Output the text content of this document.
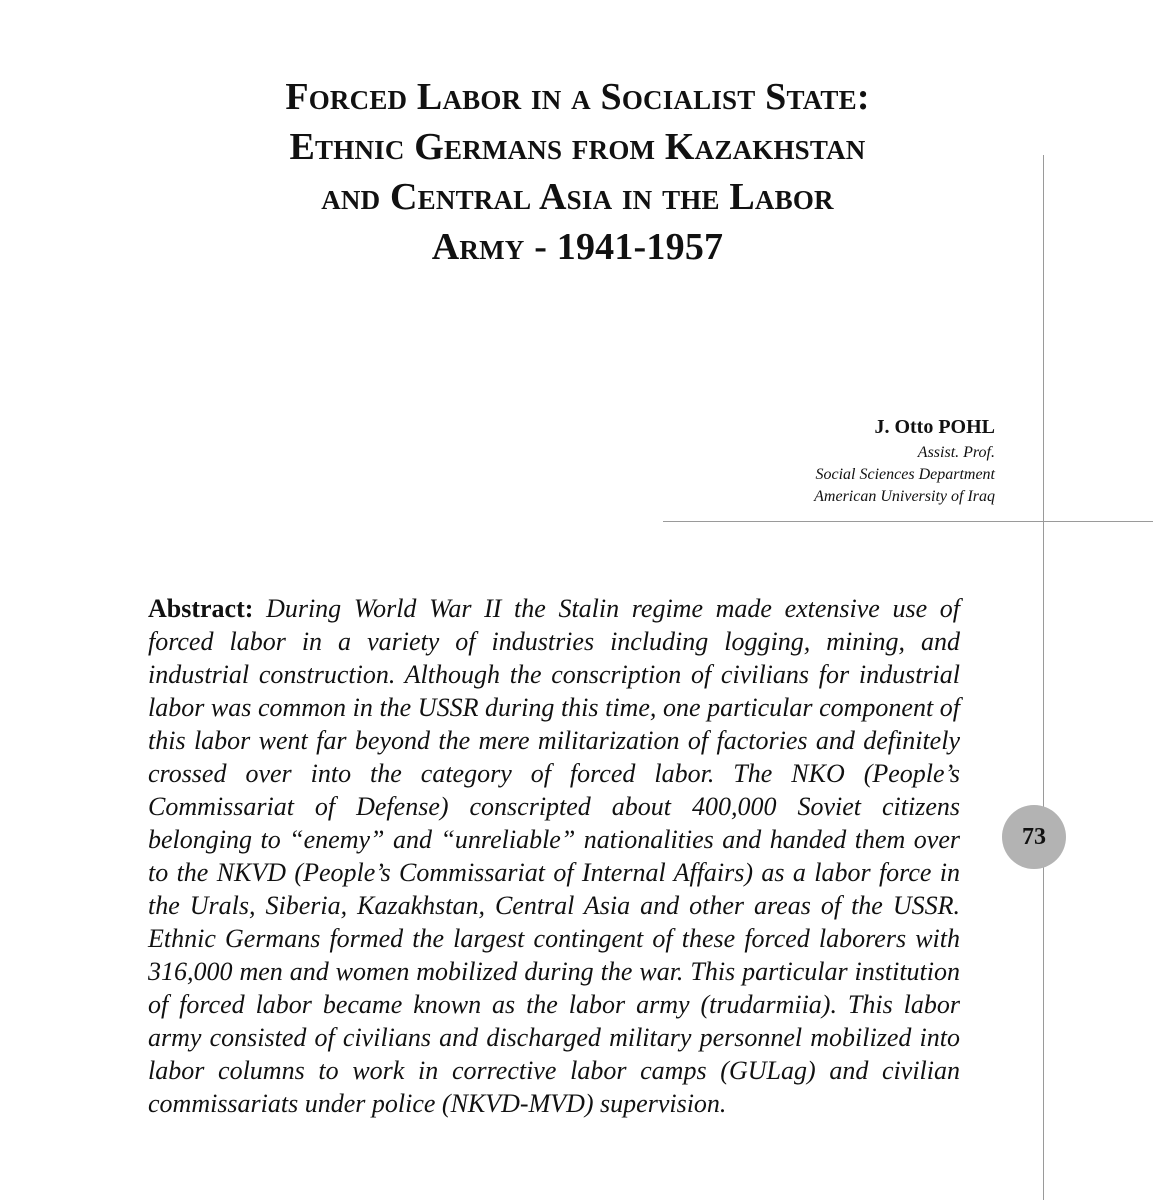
Forced Labor in a Socialist State:
Ethnic Germans from Kazakhstan
and Central Asia in the Labor
Army - 1941-1957
J. Otto POHL
Assist. Prof.
Social Sciences Department
American University of Iraq

Abstract: During World War II the Stalin regime made extensive use of forced labor in a variety of industries including logging, mining, and industrial construction. Although the conscription of civilians for industrial labor was common in the USSR during this time, one particular component of this labor went far beyond the mere militarization of factories and definitely crossed over into the category of forced labor. The NKO (People’s Commissariat of Defense) conscripted about 400,000 Soviet citizens belonging to “enemy” and “unreliable” nationalities and handed them over to the NKVD (People’s Commissariat of Internal Affairs) as a labor force in the Urals, Siberia, Kazakhstan, Central Asia and other areas of the USSR. Ethnic Germans formed the largest contingent of these forced laborers with 316,000 men and women mobilized during the war. This particular institution of forced labor became known as the labor army (trudarmiia). This labor army consisted of civilians and discharged military personnel mobilized into labor columns to work in corrective labor camps (GULag) and civilian commissariats under police (NKVD-MVD) supervision.

73
